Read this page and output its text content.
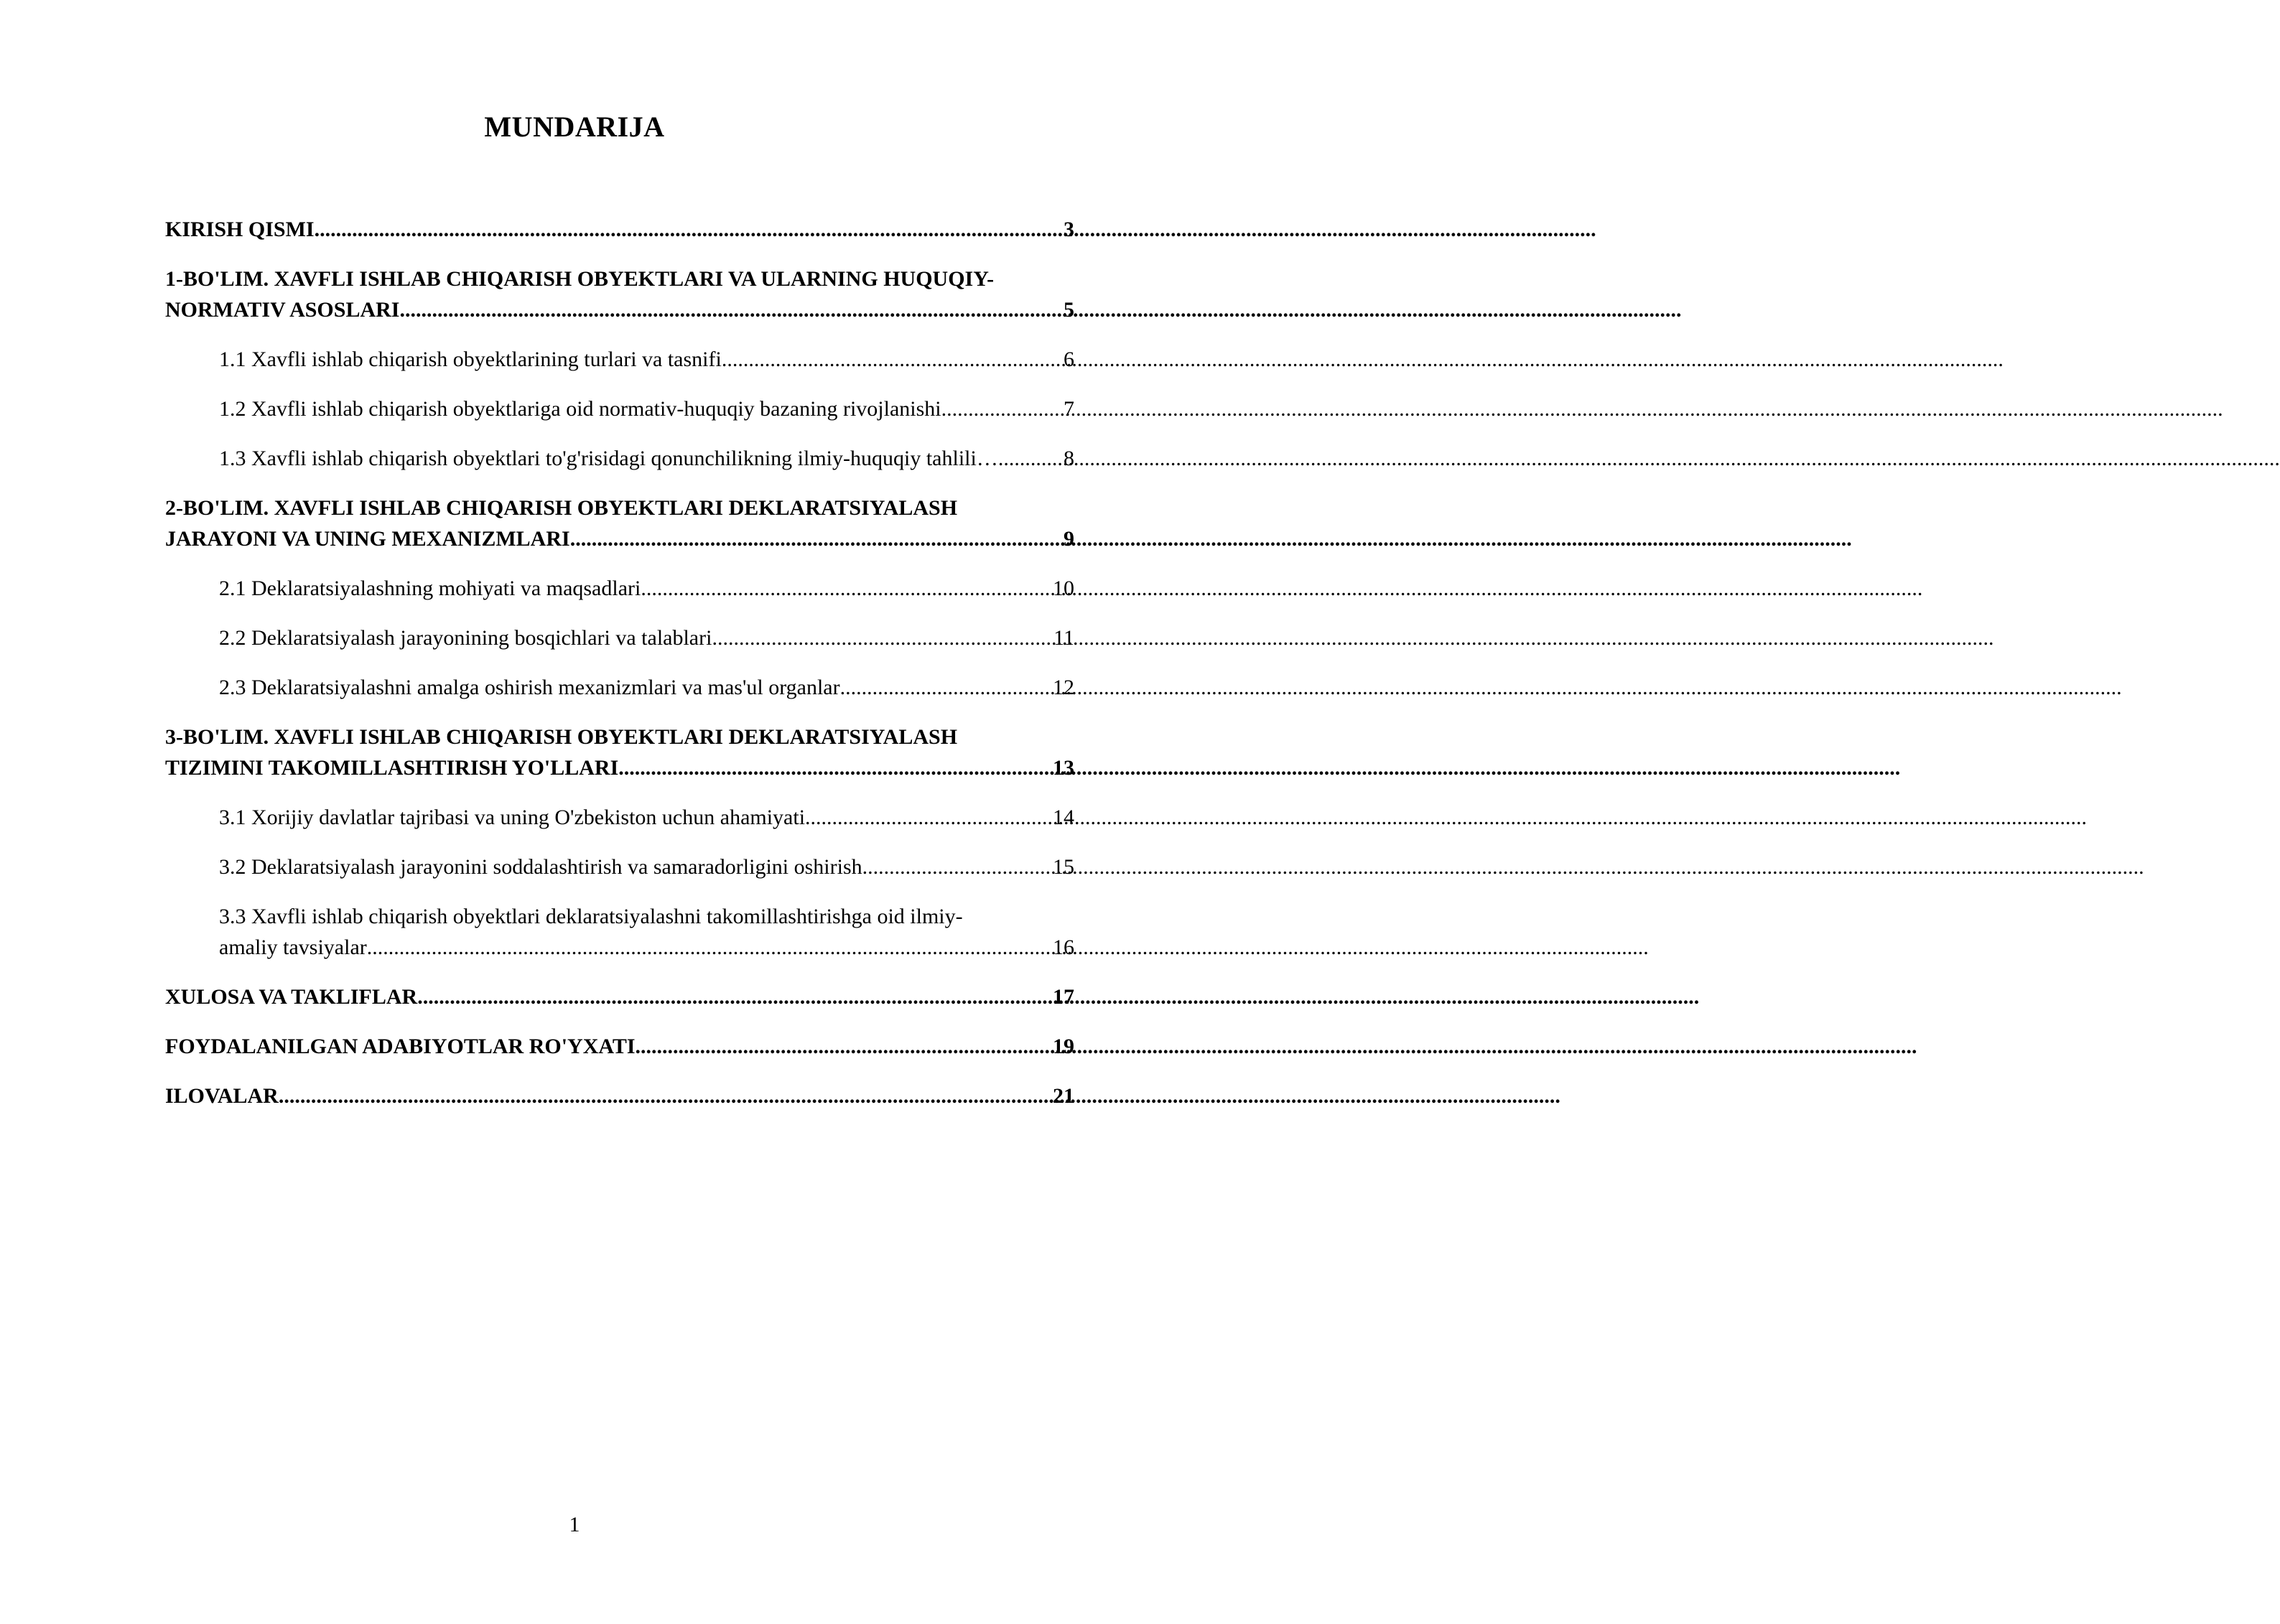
MUNDARIJA
KIRISH QISMI .....	3
1-BO'LIM. XAVFLI ISHLAB CHIQARISH OBYEKTLARI VA ULARNING HUQUQIY-
NORMATIV ASOSLARI .....	5
1.1 Xavfli ishlab chiqarish obyektlarining turlari va tasnifi .....	6
1.2 Xavfli ishlab chiqarish obyektlariga oid normativ-huquqiy bazaning rivojlanishi .....	7
1.3 Xavfli ishlab chiqarish obyektlari to'g'risidagi qonunchilikning ilmiy-huquqiy tahlili… .....	8
2-BO'LIM. XAVFLI ISHLAB CHIQARISH OBYEKTLARI DEKLARATSIYALASH
JARAYONI VA UNING MEXANIZMLARI .....	9
2.1 Deklaratsiyalashning mohiyati va maqsadlari .....	10
2.2 Deklaratsiyalash jarayonining bosqichlari va talablari .....	11
2.3 Deklaratsiyalashni amalga oshirish mexanizmlari va mas'ul organlar .....	12
3-BO'LIM. XAVFLI ISHLAB CHIQARISH OBYEKTLARI DEKLARATSIYALASH
TIZIMINI TAKOMILLASHTIRISH YO'LLARI .....	13
3.1 Xorijiy davlatlar tajribasi va uning O'zbekiston uchun ahamiyati .....	14
3.2 Deklaratsiyalash jarayonini soddalashtirish va samaradorligini oshirish .....	15
3.3 Xavfli ishlab chiqarish obyektlari deklaratsiyalashni takomillashtirishga oid ilmiy-
amaliy tavsiyalar .....	16
XULOSA VA TAKLIFLAR .....	17
FOYDALANILGAN ADABIYOTLAR RO'YXATI .....	19
ILOVALAR .....	21
1
